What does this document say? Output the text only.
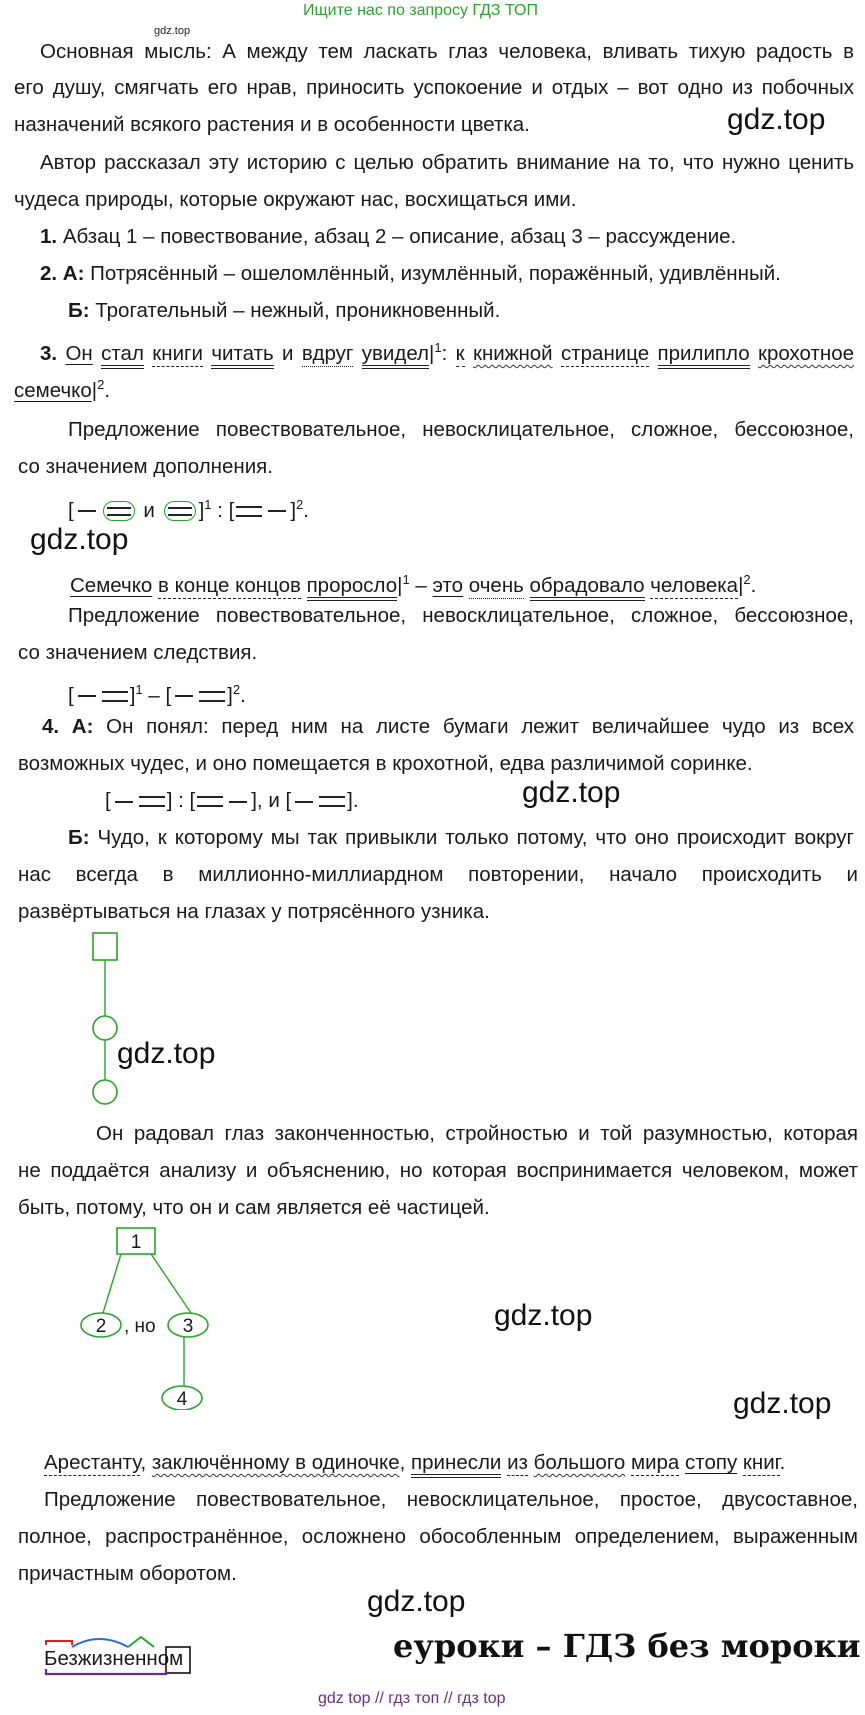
Ищите нас по запросу ГДЗ ТОП
gdz.top
Основная мысль: А между тем ласкать глаз человека, вливать тихую радость в
его душу, смягчать его нрав, приносить успокоение и отдых – вот одно из побочных
назначений всякого растения и в особенности цветка.	gdz.top
Автор рассказал эту историю с целью обратить внимание на то, что нужно ценить
чудеса природы, которые окружают нас, восхищаться ими.
1. Абзац 1 – повествование, абзац 2 – описание, абзац 3 – рассуждение.
2. А: Потрясённый – ошеломлённый, изумлённый, поражённый, удивлённый.
Б: Трогательный – нежный, проникновенный.
3. Он стал книги читать и вдруг $увидел|^1$: к книжной странице прилипло крохотное
$семечко|^2$.
Предложение повествовательное, невосклицательное, сложное, бессоюзное,
со значением дополнения.
[	и ]$^1$ : [	]$^2$.
gdz.top
Семечко в конце концов $проросло|^1$ – это очень обрадовало $человека|^2$.
Предложение повествовательное, невосклицательное, сложное, бессоюзное,
со значением следствия.
[	]$^1$ – [	]$^2$.
4. А: Он понял: перед ним на листе бумаги лежит величайшее чудо из всех
возможных чудес, и оно помещается в крохотной, едва различимой соринке.
[	] : [	], и [	].	gdz.top
Б: Чудо, к которому мы так привыкли только потому, что оно происходит вокруг
нас всегда в миллионно-миллиардном повторении, начало происходить и
развёртываться на глазах у потрясённого узника.
gdz.top
Он радовал глаз законченностью, стройностью и той разумностью, которая
не поддаётся анализу и объяснению, но которая воспринимается человеком, может
быть, потому, что он и сам является её частицей.
1
2 , но 3
4
gdz.top
gdz.top
Арестанту, заключённому в одиночке, принесли из большого мира стопу книг.
Предложение повествовательное, невосклицательное, простое, двусоставное,
полное, распространённое, осложнено обособленным определением, выраженным
причастным оборотом.
gdz.top
Безжизненном	еуроки – ГДЗ без мороки
gdz top // гдз топ // гдз top
